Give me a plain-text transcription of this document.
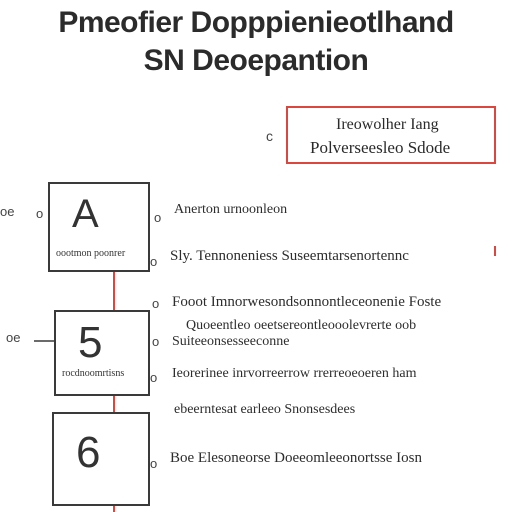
Pmeofier Dopppienieotlhand
SN Deoepantion
c
Ireowolher Iang
Polverseesleo Sdode
oe
oe
o A
oootmon poonrer
o
o
5
rocdnoomrtisns
o
o
o
6	o
Anerton urnoonleon
Sly. Tennoneniess Suseemtarsenortennc
Fooot Imnorwesondsonnontleceonenie Foste
Quoeentleo oeetsereontleooolevrerte oob
Suiteeonsesseeconne
Ieorerinee inrvorreerrow rrerreoeoeren ham
ebeerntesat earleeo Snonsesdees
Boe Elesoneorse Doeeomleeonortsse Iosn
